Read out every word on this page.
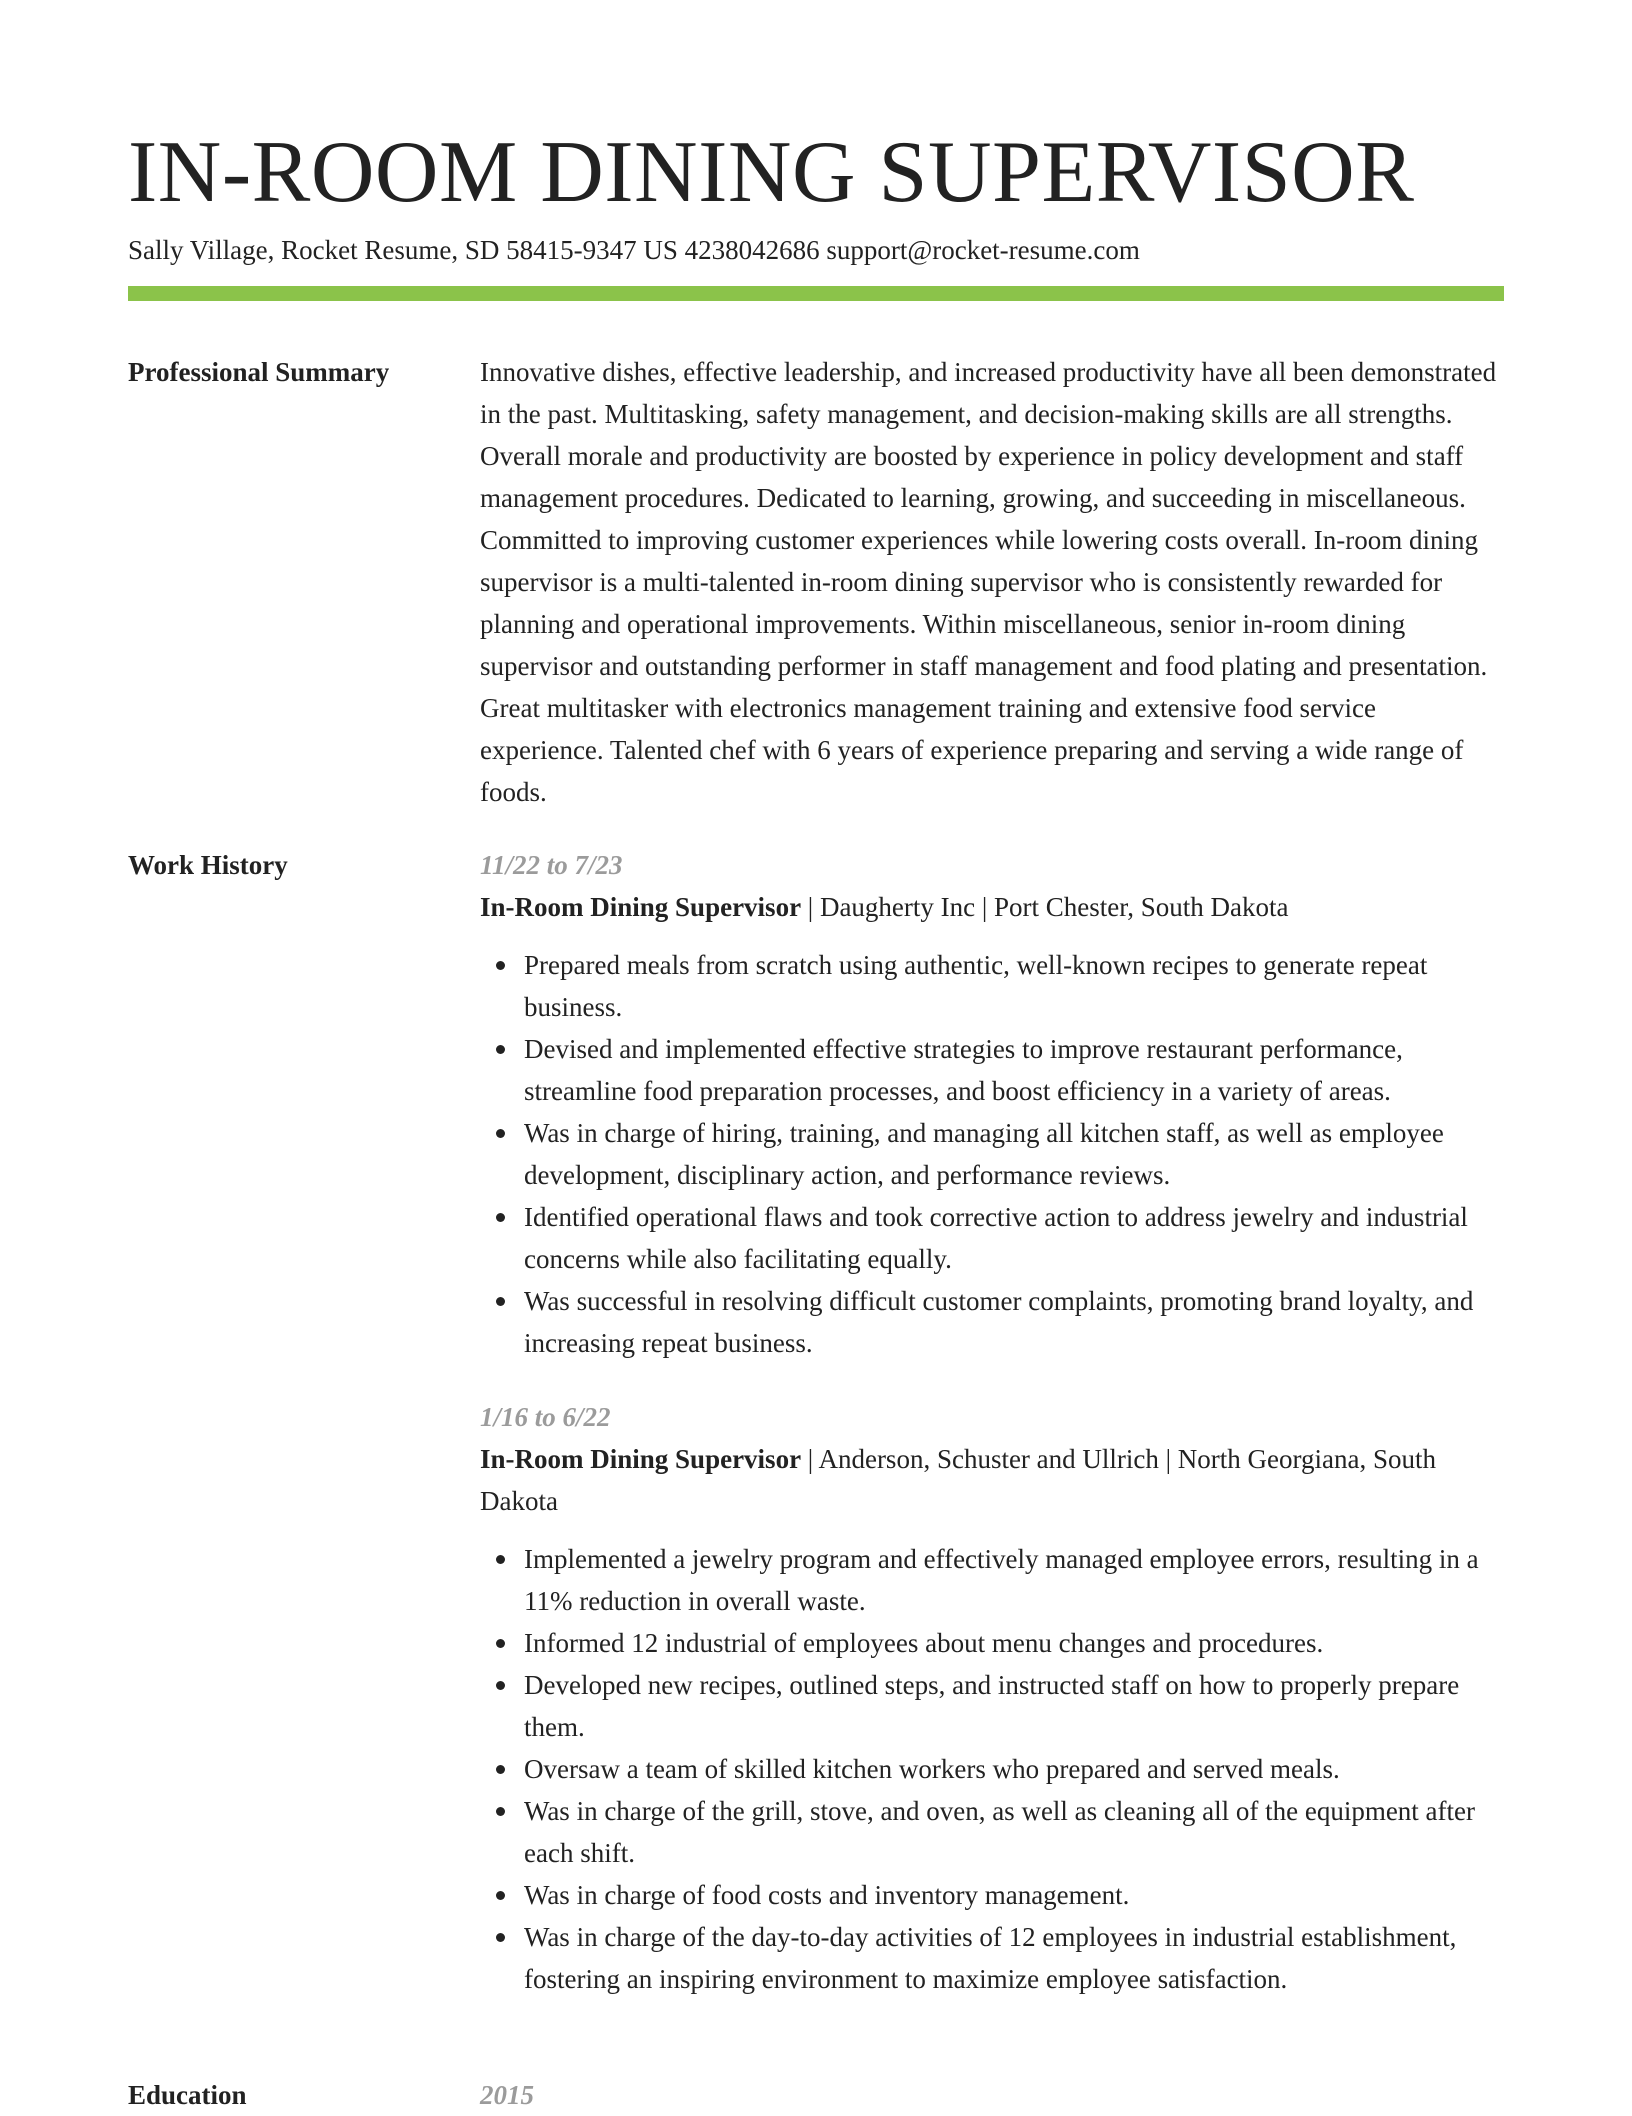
IN-ROOM DINING SUPERVISOR
Sally Village, Rocket Resume, SD 58415-9347 US 4238042686 support@rocket-resume.com
Professional Summary	Innovative dishes, effective leadership, and increased productivity have all been demonstrated in the past. Multitasking, safety management, and decision-making skills are all strengths. Overall morale and productivity are boosted by experience in policy development and staff management procedures. Dedicated to learning, growing, and succeeding in miscellaneous. Committed to improving customer experiences while lowering costs overall. In-room dining supervisor is a multi-talented in-room dining supervisor who is consistently rewarded for planning and operational improvements. Within miscellaneous, senior in-room dining supervisor and outstanding performer in staff management and food plating and presentation. Great multitasker with electronics management training and extensive food service experience. Talented chef with 6 years of experience preparing and serving a wide range of foods.

Work History	11/22 to 7/23
In-Room Dining Supervisor | Daugherty Inc | Port Chester, South Dakota
Prepared meals from scratch using authentic, well-known recipes to generate repeat business.
Devised and implemented effective strategies to improve restaurant performance, streamline food preparation processes, and boost efficiency in a variety of areas.
Was in charge of hiring, training, and managing all kitchen staff, as well as employee development, disciplinary action, and performance reviews.
Identified operational flaws and took corrective action to address jewelry and industrial concerns while also facilitating equally.
Was successful in resolving difficult customer complaints, promoting brand loyalty, and increasing repeat business.
1/16 to 6/22
In-Room Dining Supervisor | Anderson, Schuster and Ullrich | North Georgiana, South Dakota
Implemented a jewelry program and effectively managed employee errors, resulting in a 11% reduction in overall waste.
Informed 12 industrial of employees about menu changes and procedures.
Developed new recipes, outlined steps, and instructed staff on how to properly prepare them.
Oversaw a team of skilled kitchen workers who prepared and served meals.
Was in charge of the grill, stove, and oven, as well as cleaning all of the equipment after each shift.
Was in charge of food costs and inventory management.
Was in charge of the day-to-day activities of 12 employees in industrial establishment, fostering an inspiring environment to maximize employee satisfaction.
Education	2015
